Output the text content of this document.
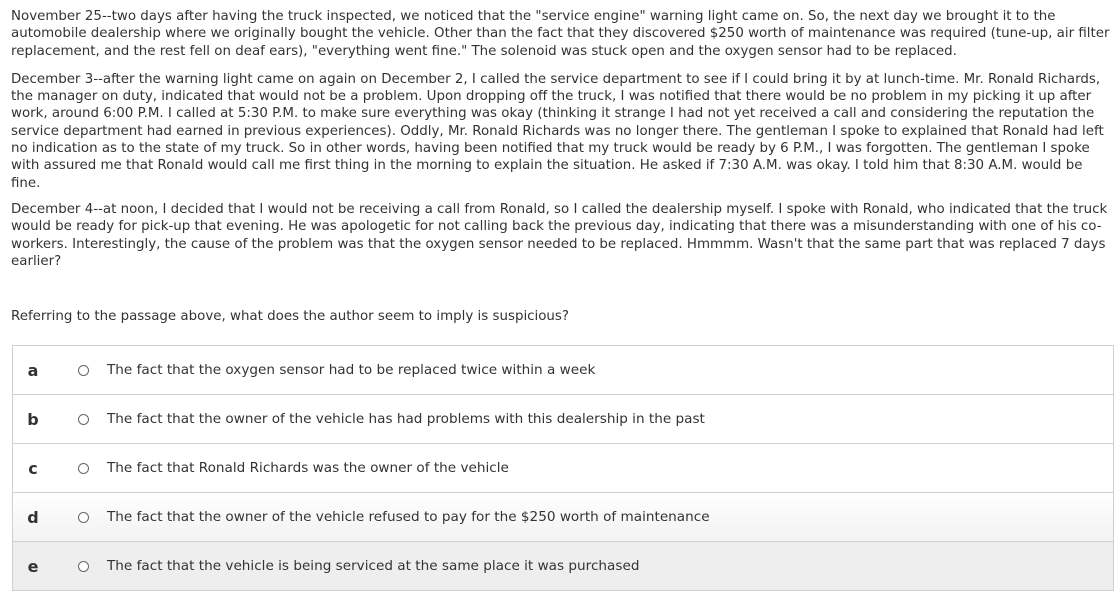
November 25--two days after having the truck inspected, we noticed that the "service engine" warning light came on. So, the next day we brought it to the automobile dealership where we originally bought the vehicle. Other than the fact that they discovered $250 worth of maintenance was required (tune-up, air filter replacement, and the rest fell on deaf ears), "everything went fine." The solenoid was stuck open and the oxygen sensor had to be replaced.

December 3--after the warning light came on again on December 2, I called the service department to see if I could bring it by at lunch-time. Mr. Ronald Richards, the manager on duty, indicated that would not be a problem. Upon dropping off the truck, I was notified that there would be no problem in my picking it up after work, around 6:00 P.M. I called at 5:30 P.M. to make sure everything was okay (thinking it strange I had not yet received a call and considering the reputation the service department had earned in previous experiences). Oddly, Mr. Ronald Richards was no longer there. The gentleman I spoke to explained that Ronald had left no indication as to the state of my truck. So in other words, having been notified that my truck would be ready by 6 P.M., I was forgotten. The gentleman I spoke with assured me that Ronald would call me first thing in the morning to explain the situation. He asked if 7:30 A.M. was okay. I told him that 8:30 A.M. would be fine.

December 4--at noon, I decided that I would not be receiving a call from Ronald, so I called the dealership myself. I spoke with Ronald, who indicated that the truck would be ready for pick-up that evening. He was apologetic for not calling back the previous day, indicating that there was a misunderstanding with one of his co-workers. Interestingly, the cause of the problem was that the oxygen sensor needed to be replaced. Hmmmm. Wasn't that the same part that was replaced 7 days earlier?

Referring to the passage above, what does the author seem to imply is suspicious?

a	The fact that the oxygen sensor had to be replaced twice within a week
b	The fact that the owner of the vehicle has had problems with this dealership in the past
c	The fact that Ronald Richards was the owner of the vehicle
d	The fact that the owner of the vehicle refused to pay for the $250 worth of maintenance
e	The fact that the vehicle is being serviced at the same place it was purchased
